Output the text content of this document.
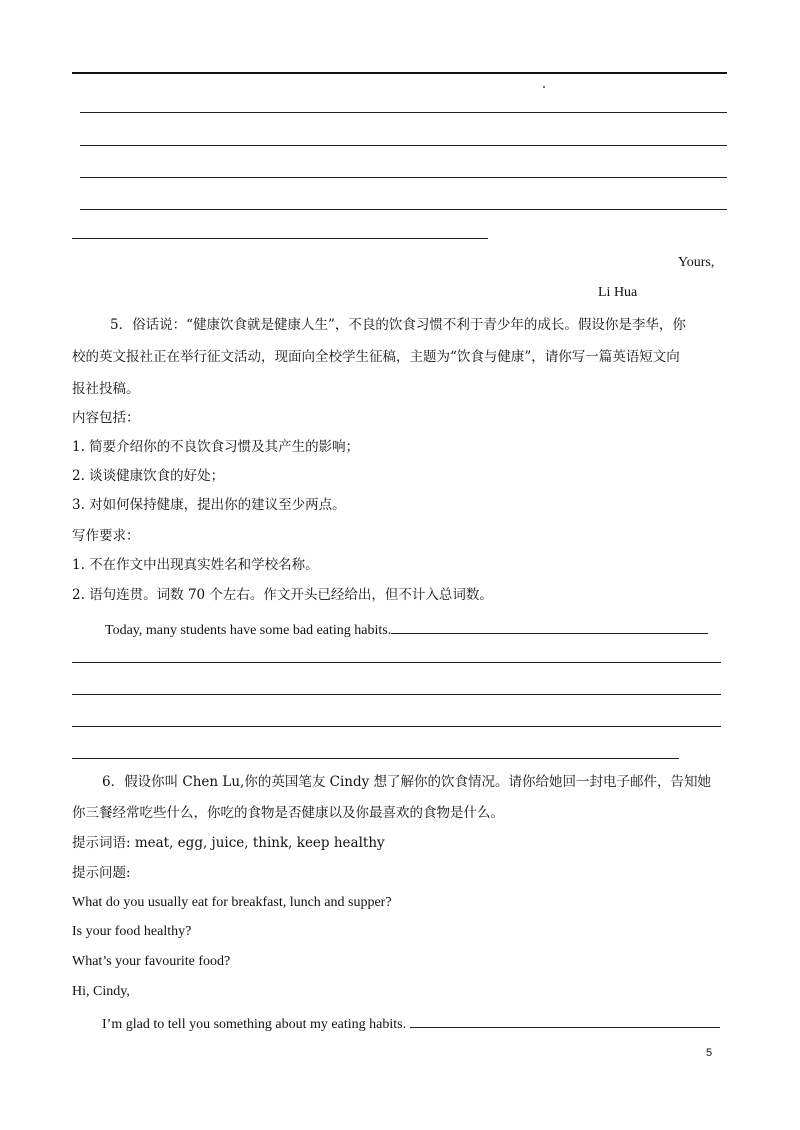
Yours,
Li Hua
5．俗话说：“健康饮食就是健康人生”，不良的饮食习惯不利于青少年的成长。假设你是李华，你
校的英文报社正在举行征文活动，现面向全校学生征稿，主题为“饮食与健康”，请你写一篇英语短文向
报社投稿。
内容包括：
1. 简要介绍你的不良饮食习惯及其产生的影响；
2. 谈谈健康饮食的好处；
3. 对如何保持健康，提出你的建议至少两点。
写作要求：
1. 不在作文中出现真实姓名和学校名称。
2. 语句连贯。词数 70 个左右。作文开头已经给出，但不计入总词数。
Today, many students have some bad eating habits.
6．假设你叫 Chen Lu,你的英国笔友 Cindy 想了解你的饮食情况。请你给她回一封电子邮件，告知她
你三餐经常吃些什么，你吃的食物是否健康以及你最喜欢的食物是什么。
提示词语: meat, egg, juice, think, keep healthy
提示问题:
What do you usually eat for breakfast, lunch and supper?
Is your food healthy?
What’s your favourite food?
Hi, Cindy,
I’m glad to tell you something about my eating habits.
5
